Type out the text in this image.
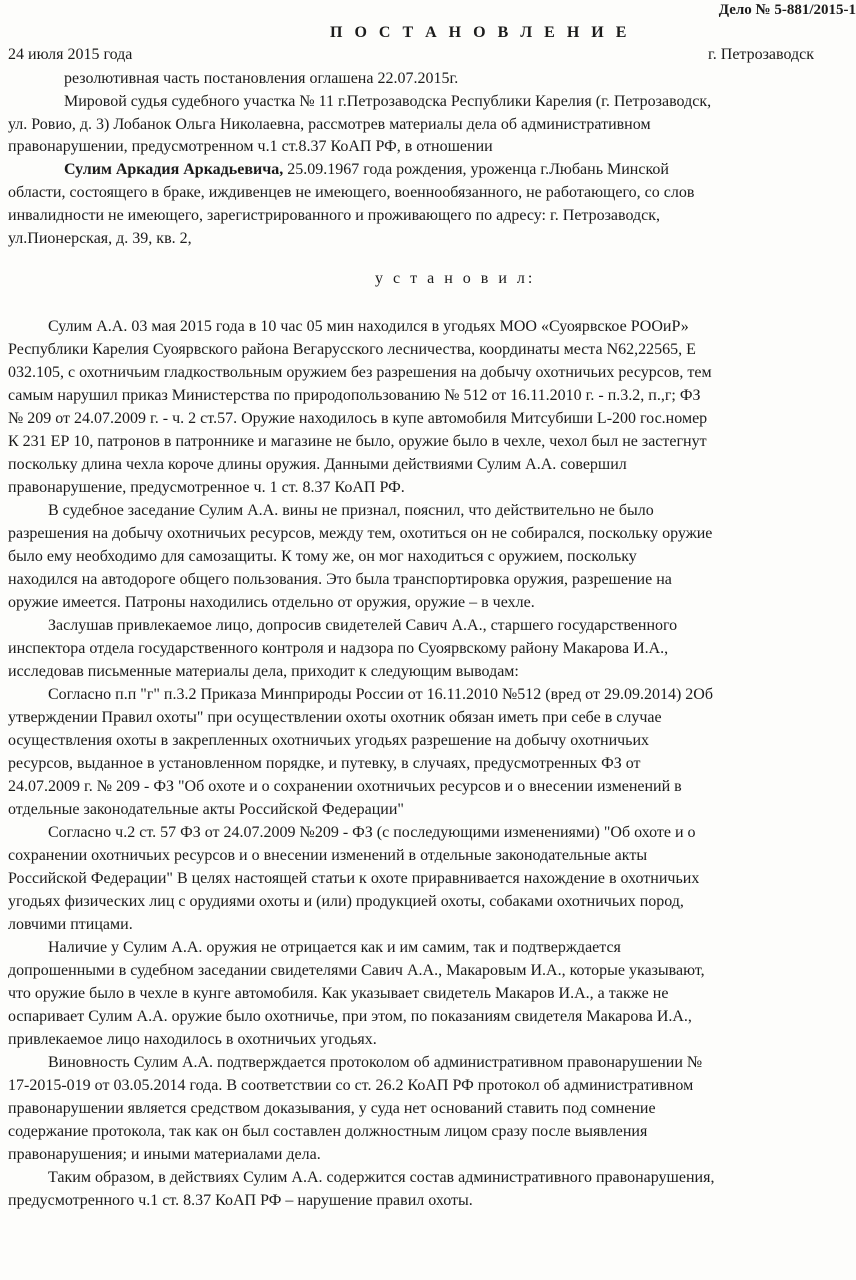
Дело № 5-881/2015-1
П О С Т А Н О В Л Е Н И Е
24 июля 2015 года	г. Петрозаводск
резолютивная часть постановления оглашена 22.07.2015г.
Мировой судья судебного участка № 11 г.Петрозаводска Республики Карелия (г. Петрозаводск,
ул. Ровио, д. 3) Лобанок Ольга Николаевна, рассмотрев материалы дела об административном
правонарушении, предусмотренном ч.1 ст.8.37 КоАП РФ, в отношении
Сулим Аркадия Аркадьевича, 25.09.1967 года рождения, уроженца г.Любань Минской
области, состоящего в браке, иждивенцев не имеющего, военнообязанного, не работающего, со слов
инвалидности не имеющего, зарегистрированного и проживающего по адресу: г. Петрозаводск,
ул.Пионерская, д. 39, кв. 2,
у с т а н о в и л:
Сулим А.А. 03 мая 2015 года в 10 час 05 мин находился в угодьях МОО «Суоярвское РООиР»
Республики Карелия Суоярвского района Вегарусского лесничества, координаты места N62,22565, E
032.105, с охотничьим гладкоствольным оружием без разрешения на добычу охотничьих ресурсов, тем
самым нарушил приказ Министерства по природопользованию № 512 от 16.11.2010 г. - п.3.2, п.,г; ФЗ
№ 209 от 24.07.2009 г. - ч. 2 ст.57. Оружие находилось в купе автомобиля Митсубиши L-200 гос.номер
К 231 ЕР 10, патронов в патроннике и магазине не было, оружие было в чехле, чехол был не застегнут
поскольку длина чехла короче длины оружия. Данными действиями Сулим А.А. совершил
правонарушение, предусмотренное ч. 1 ст. 8.37 КоАП РФ.
В судебное заседание Сулим А.А. вины не признал, пояснил, что действительно не было
разрешения на добычу охотничьих ресурсов, между тем, охотиться он не собирался, поскольку оружие
было ему необходимо для самозащиты. К тому же, он мог находиться с оружием, поскольку
находился на автодороге общего пользования. Это была транспортировка оружия, разрешение на
оружие имеется. Патроны находились отдельно от оружия, оружие – в чехле.
Заслушав привлекаемое лицо, допросив свидетелей Савич А.А., старшего государственного
инспектора отдела государственного контроля и надзора по Суоярвскому району Макарова И.А.,
исследовав письменные материалы дела, приходит к следующим выводам:
Согласно п.п "г" п.3.2 Приказа Минприроды России от 16.11.2010 №512 (вред от 29.09.2014) 2Об
утверждении Правил охоты" при осуществлении охоты охотник обязан иметь при себе в случае
осуществления охоты в закрепленных охотничьих угодьях разрешение на добычу охотничьих
ресурсов, выданное в установленном порядке, и путевку, в случаях, предусмотренных ФЗ от
24.07.2009 г. № 209 - ФЗ "Об охоте и о сохранении охотничьих ресурсов и о внесении изменений в
отдельные законодательные акты Российской Федерации"
Согласно ч.2 ст. 57 ФЗ от 24.07.2009 №209 - ФЗ (с последующими изменениями) "Об охоте и о
сохранении охотничьих ресурсов и о внесении изменений в отдельные законодательные акты
Российской Федерации" В целях настоящей статьи к охоте приравнивается нахождение в охотничьих
угодьях физических лиц с орудиями охоты и (или) продукцией охоты, собаками охотничьих пород,
ловчими птицами.
Наличие у Сулим А.А. оружия не отрицается как и им самим, так и подтверждается
допрошенными в судебном заседании свидетелями Савич А.А., Макаровым И.А., которые указывают,
что оружие было в чехле в кунге автомобиля. Как указывает свидетель Макаров И.А., а также не
оспаривает Сулим А.А. оружие было охотничье, при этом, по показаниям свидетеля Макарова И.А.,
привлекаемое лицо находилось в охотничьих угодьях.
Виновность Сулим А.А. подтверждается протоколом об административном правонарушении №
17-2015-019 от 03.05.2014 года. В соответствии со ст. 26.2 КоАП РФ протокол об административном
правонарушении является средством доказывания, у суда нет оснований ставить под сомнение
содержание протокола, так как он был составлен должностным лицом сразу после выявления
правонарушения; и иными материалами дела.
Таким образом, в действиях Сулим А.А. содержится состав административного правонарушения,
предусмотренного ч.1 ст. 8.37 КоАП РФ – нарушение правил охоты.
